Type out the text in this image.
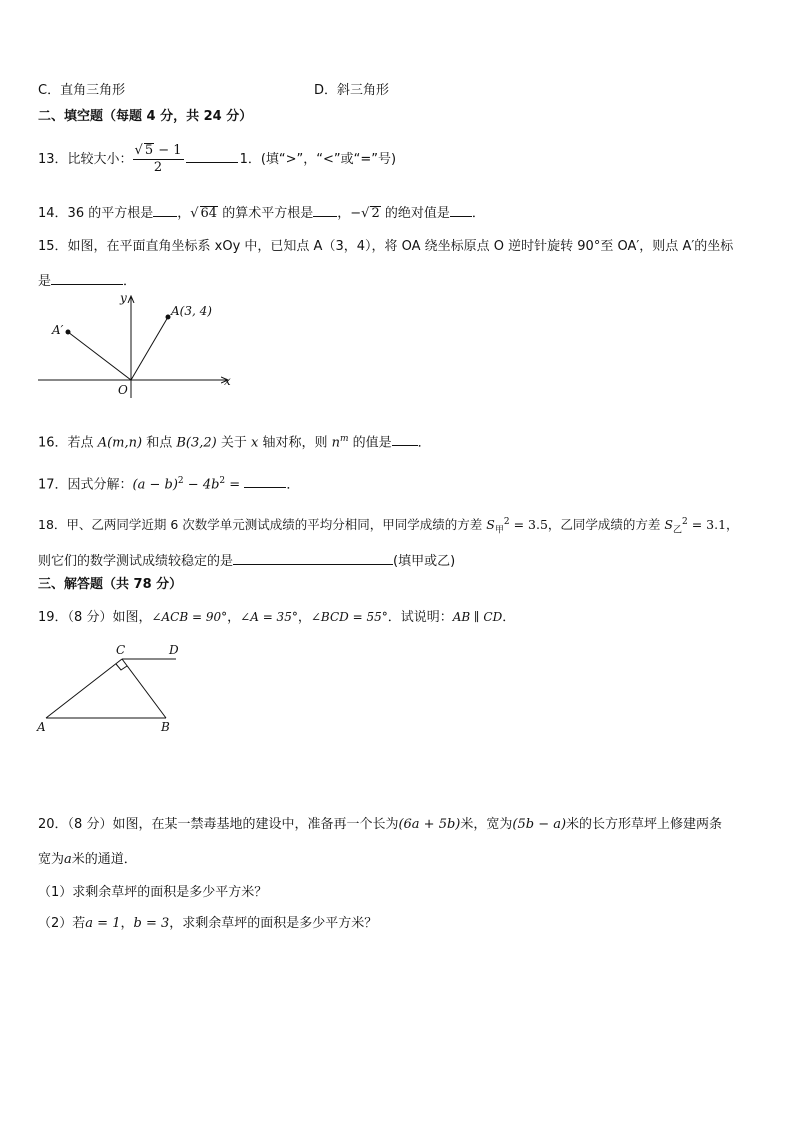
C．直角三角形	D．斜三角形
二、填空题（每题 4 分，共 24 分）
13．比较大小： $\frac{√ 5 - 1}{2}$	1．(填“>”，“<”或“=”号)
14．36 的平方根是 ，√ 64 的算术平方根是 ，−√ 2 的绝对值是 ．
15．如图，在平面直角坐标系 xOy 中，已知点 A（3，4），将 OA 绕坐标原点 O 逆时针旋转 90°至 OA′，则点 A′的坐标
是	．
y
x
O
A(3, 4)
A′
16．若点 A(m,n) 和点 B(3,2) 关于 x 轴对称，则 $n^m$ 的值是 ．
17．因式分解：$(a - b)^2 - 4b^2$ =	．
18．甲、乙两同学近期 6 次数学单元测试成绩的平均分相同，甲同学成绩的方差 $S_甲^2 = 3.5$，乙同学成绩的方差 $S_乙^2 = 3.1$，
则它们的数学测试成绩较稳定的是	(填甲或乙)
三、解答题（共 78 分）
19．（8 分）如图，∠ACB = 90°，∠A = 35°，∠BCD = 55°．试说明：AB ∥ CD．
C	D
A	B
20．（8 分）如图，在某一禁毒基地的建设中，准备再一个长为(6a + 5b)米，宽为(5b − a)米的长方形草坪上修建两条
宽为a米的通道．
（1）求剩余草坪的面积是多少平方米？
（2）若a = 1，b = 3，求剩余草坪的面积是多少平方米？
